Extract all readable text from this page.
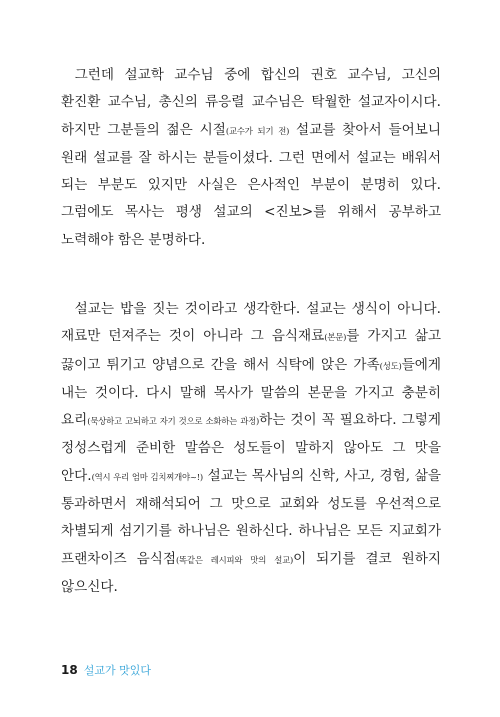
그런데 설교학 교수님 중에 합신의 권호 교수님, 고신의 환진환 교수님, 총신의 류응렬 교수님은 탁월한 설교자이시다. 하지만 그분들의 젊은 시절(교수가 되기 전) 설교를 찾아서 들어보니 원래 설교를 잘 하시는 분들이셨다. 그런 면에서 설교는 배워서 되는 부분도 있지만 사실은 은사적인 부분이 분명히 있다. 그럼에도 목사는 평생 설교의 <진보>를 위해서 공부하고 노력해야 함은 분명하다.

설교는 밥을 짓는 것이라고 생각한다. 설교는 생식이 아니다. 재료만 던져주는 것이 아니라 그 음식재료(본문)를 가지고 삶고 끓이고 튀기고 양념으로 간을 해서 식탁에 앉은 가족(성도)들에게 내는 것이다. 다시 말해 목사가 말씀의 본문을 가지고 충분히 요리(묵상하고 고뇌하고 자기 것으로 소화하는 과정)하는 것이 꼭 필요하다. 그렇게 정성스럽게 준비한 말씀은 성도들이 말하지 않아도 그 맛을 안다.(역시 우리 엄마 김치찌개야~!) 설교는 목사님의 신학, 사고, 경험, 삶을 통과하면서 재해석되어 그 맛으로 교회와 성도를 우선적으로 차별되게 섬기기를 하나님은 원하신다. 하나님은 모든 지교회가 프랜차이즈 음식점(똑같은 레시피와 맛의 설교)이 되기를 결코 원하지 않으신다.

18 설교가 맛있다
